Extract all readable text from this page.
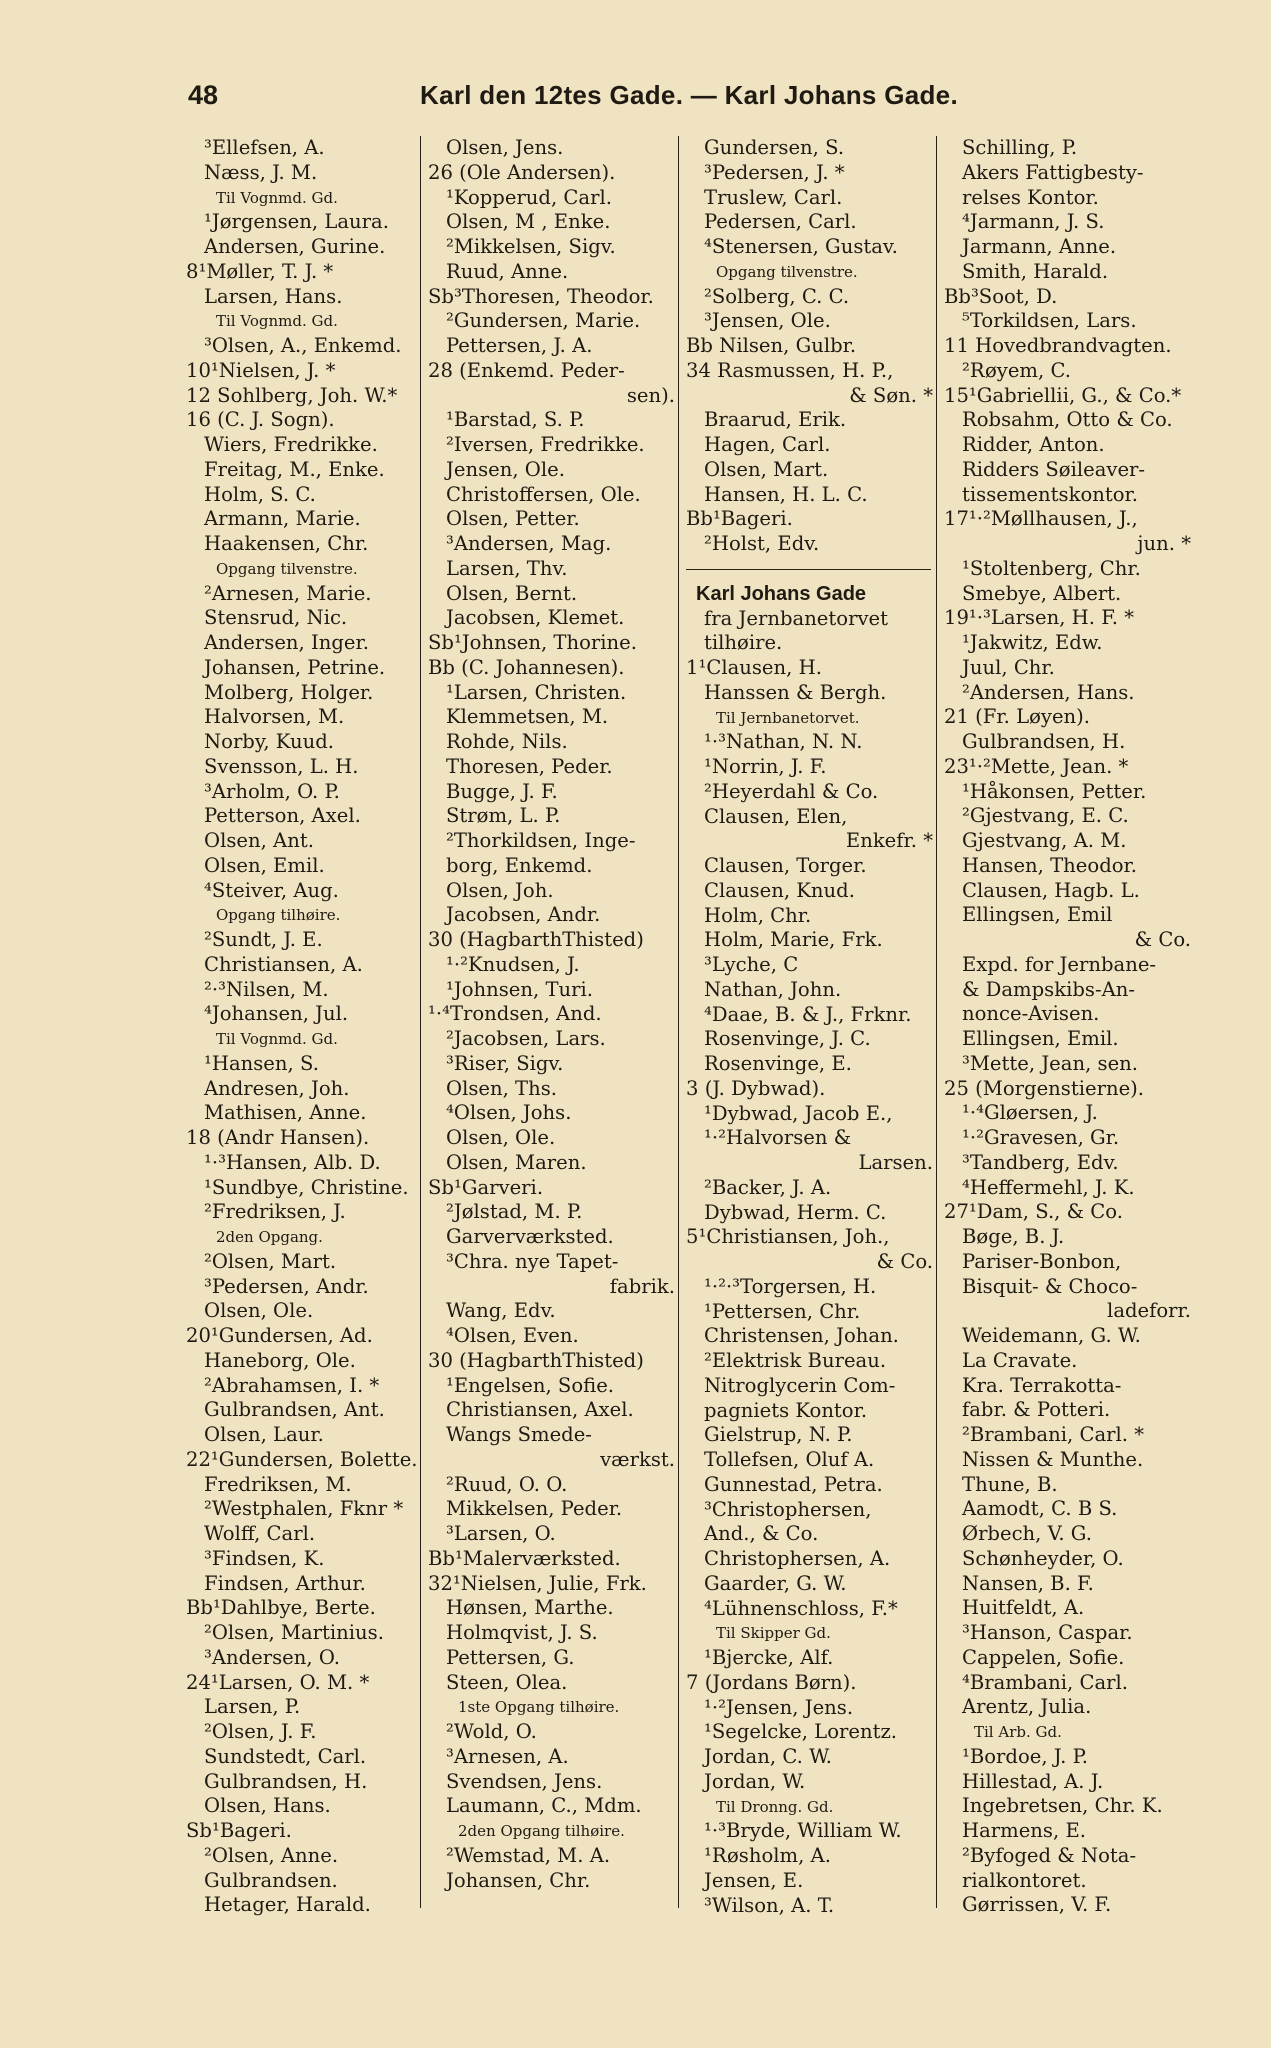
48	Karl den 12tes Gade. — Karl Johans Gade.
³Ellefsen, A.
Næss, J. M.
Til Vognmd. Gd.
¹Jørgensen, Laura.
Andersen, Gurine.
8¹Møller, T. J. *
Larsen, Hans.
Til Vognmd. Gd.
³Olsen, A., Enkemd.
10¹Nielsen, J. *
12 Sohlberg, Joh. W.*
16 (C. J. Sogn).
Wiers, Fredrikke.
Freitag, M., Enke.
Holm, S. C.
Armann, Marie.
Haakensen, Chr.
Opgang tilvenstre.
²Arnesen, Marie.
Stensrud, Nic.
Andersen, Inger.
Johansen, Petrine.
Molberg, Holger.
Halvorsen, M.
Norby, Kuud.
Svensson, L. H.
³Arholm, O. P.
Petterson, Axel.
Olsen, Ant.
Olsen, Emil.
⁴Steiver, Aug.
Opgang tilhøire.
²Sundt, J. E.
Christiansen, A.
²·³Nilsen, M.
⁴Johansen, Jul.
Til Vognmd. Gd.
¹Hansen, S.
Andresen, Joh.
Mathisen, Anne.
18 (Andr Hansen).
¹·³Hansen, Alb. D.
¹Sundbye, Christine.
²Fredriksen, J.
2den Opgang.
²Olsen, Mart.
³Pedersen, Andr.
Olsen, Ole.
20¹Gundersen, Ad.
Haneborg, Ole.
²Abrahamsen, I. *
Gulbrandsen, Ant.
Olsen, Laur.
22¹Gundersen, Bolette.
Fredriksen, M.
²Westphalen, Fknr *
Wolff, Carl.
³Findsen, K.
Findsen, Arthur.
Bb¹Dahlbye, Berte.
²Olsen, Martinius.
³Andersen, O.
24¹Larsen, O. M. *
Larsen, P.
²Olsen, J. F.
Sundstedt, Carl.
Gulbrandsen, H.
Olsen, Hans.
Sb¹Bageri.
²Olsen, Anne.
Gulbrandsen.
Hetager, Harald.
Olsen, Jens.
26 (Ole Andersen).
¹Kopperud, Carl.
Olsen, M , Enke.
²Mikkelsen, Sigv.
Ruud, Anne.
Sb³Thoresen, Theodor.
²Gundersen, Marie.
Pettersen, J. A.
28 (Enkemd. Peder-
sen).
¹Barstad, S. P.
²Iversen, Fredrikke.
Jensen, Ole.
Christoffersen, Ole.
Olsen, Petter.
³Andersen, Mag.
Larsen, Thv.
Olsen, Bernt.
Jacobsen, Klemet.
Sb¹Johnsen, Thorine.
Bb (C. Johannesen).
¹Larsen, Christen.
Klemmetsen, M.
Rohde, Nils.
Thoresen, Peder.
Bugge, J. F.
Strøm, L. P.
²Thorkildsen, Inge-
borg, Enkemd.
Olsen, Joh.
Jacobsen, Andr.
30 (HagbarthThisted)
¹·²Knudsen, J.
¹Johnsen, Turi.
¹·⁴Trondsen, And.
²Jacobsen, Lars.
³Riser, Sigv.
Olsen, Ths.
⁴Olsen, Johs.
Olsen, Ole.
Olsen, Maren.
Sb¹Garveri.
²Jølstad, M. P.
Garverværksted.
³Chra. nye Tapet-
fabrik.
Wang, Edv.
⁴Olsen, Even.
30 (HagbarthThisted)
¹Engelsen, Sofie.
Christiansen, Axel.
Wangs Smede-
værkst.
²Ruud, O. O.
Mikkelsen, Peder.
³Larsen, O.
Bb¹Malerværksted.
32¹Nielsen, Julie, Frk.
Hønsen, Marthe.
Holmqvist, J. S.
Pettersen, G.
Steen, Olea.
1ste Opgang tilhøire.
²Wold, O.
³Arnesen, A.
Svendsen, Jens.
Laumann, C., Mdm.
2den Opgang tilhøire.
²Wemstad, M. A.
Johansen, Chr.
Gundersen, S.
³Pedersen, J. *
Truslew, Carl.
Pedersen, Carl.
⁴Stenersen, Gustav.
Opgang tilvenstre.
²Solberg, C. C.
³Jensen, Ole.
Bb Nilsen, Gulbr.
34 Rasmussen, H. P.,
& Søn. *
Braarud, Erik.
Hagen, Carl.
Olsen, Mart.
Hansen, H. L. C.
Bb¹Bageri.
²Holst, Edv.
Karl Johans Gade
fra Jernbanetorvet
tilhøire.
1¹Clausen, H.
Hanssen & Bergh.
Til Jernbanetorvet.
¹·³Nathan, N. N.
¹Norrin, J. F.
²Heyerdahl & Co.
Clausen, Elen,
Enkefr. *
Clausen, Torger.
Clausen, Knud.
Holm, Chr.
Holm, Marie, Frk.
³Lyche, C
Nathan, John.
⁴Daae, B. & J., Frknr.
Rosenvinge, J. C.
Rosenvinge, E.
3 (J. Dybwad).
¹Dybwad, Jacob E.,
¹·²Halvorsen &
Larsen.
²Backer, J. A.
Dybwad, Herm. C.
5¹Christiansen, Joh.,
& Co.
¹·²·³Torgersen, H.
¹Pettersen, Chr.
Christensen, Johan.
²Elektrisk Bureau.
Nitroglycerin Com-
pagniets Kontor.
Gielstrup, N. P.
Tollefsen, Oluf A.
Gunnestad, Petra.
³Christophersen,
And., & Co.
Christophersen, A.
Gaarder, G. W.
⁴Lühnenschloss, F.*
Til Skipper Gd.
¹Bjercke, Alf.
7 (Jordans Børn).
¹·²Jensen, Jens.
¹Segelcke, Lorentz.
Jordan, C. W.
Jordan, W.
Til Dronng. Gd.
¹·³Bryde, William W.
¹Røsholm, A.
Jensen, E.
³Wilson, A. T.
Schilling, P.
Akers Fattigbesty-
relses Kontor.
⁴Jarmann, J. S.
Jarmann, Anne.
Smith, Harald.
Bb³Soot, D.
⁵Torkildsen, Lars.
11 Hovedbrandvagten.
²Røyem, C.
15¹Gabriellii, G., & Co.*
Robsahm, Otto & Co.
Ridder, Anton.
Ridders Søileaver-
tissementskontor.
17¹·²Møllhausen, J.,
jun. *
¹Stoltenberg, Chr.
Smebye, Albert.
19¹·³Larsen, H. F. *
¹Jakwitz, Edw.
Juul, Chr.
²Andersen, Hans.
21 (Fr. Løyen).
Gulbrandsen, H.
23¹·²Mette, Jean. *
¹Håkonsen, Petter.
²Gjestvang, E. C.
Gjestvang, A. M.
Hansen, Theodor.
Clausen, Hagb. L.
Ellingsen, Emil
& Co.
Expd. for Jernbane-
& Dampskibs-An-
nonce-Avisen.
Ellingsen, Emil.
³Mette, Jean, sen.
25 (Morgenstierne).
¹·⁴Gløersen, J.
¹·²Gravesen, Gr.
³Tandberg, Edv.
⁴Heffermehl, J. K.
27¹Dam, S., & Co.
Bøge, B. J.
Pariser-Bonbon,
Bisquit- & Choco-
ladeforr.
Weidemann, G. W.
La Cravate.
Kra. Terrakotta-
fabr. & Potteri.
²Brambani, Carl. *
Nissen & Munthe.
Thune, B.
Aamodt, C. B S.
Ørbech, V. G.
Schønheyder, O.
Nansen, B. F.
Huitfeldt, A.
³Hanson, Caspar.
Cappelen, Sofie.
⁴Brambani, Carl.
Arentz, Julia.
Til Arb. Gd.
¹Bordoe, J. P.
Hillestad, A. J.
Ingebretsen, Chr. K.
Harmens, E.
²Byfoged & Nota-
rialkontoret.
Gørrissen, V. F.
